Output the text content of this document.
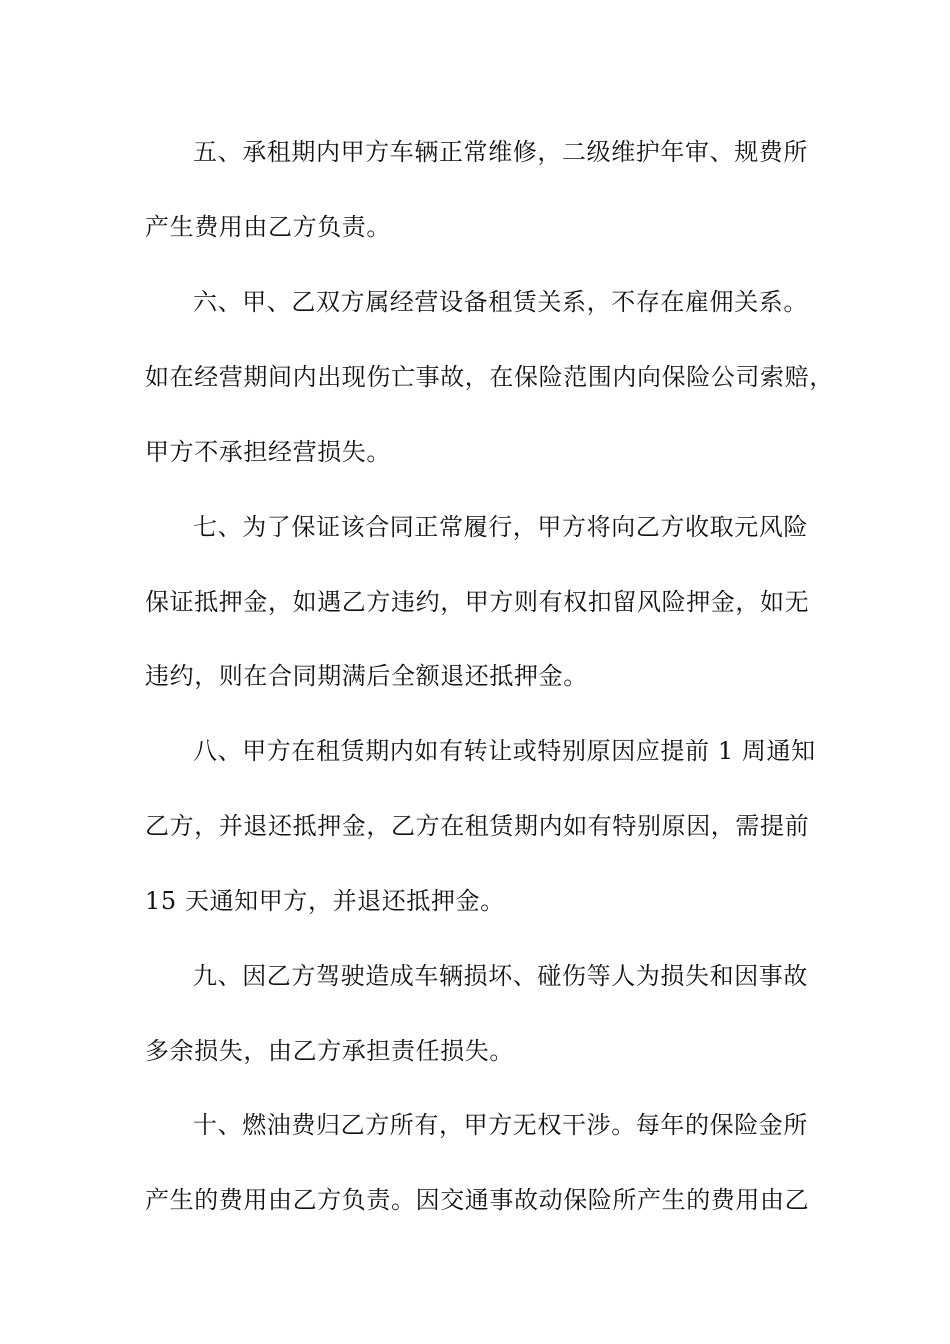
五、承租期内甲方车辆正常维修，二级维护年审、规费所
产生费用由乙方负责。
六、甲、乙双方属经营设备租赁关系，不存在雇佣关系。
如在经营期间内出现伤亡事故，在保险范围内向保险公司索赔，
甲方不承担经营损失。
七、为了保证该合同正常履行，甲方将向乙方收取元风险
保证抵押金，如遇乙方违约，甲方则有权扣留风险押金，如无
违约，则在合同期满后全额退还抵押金。
八、甲方在租赁期内如有转让或特别原因应提前 1 周通知
乙方，并退还抵押金，乙方在租赁期内如有特别原因，需提前
15 天通知甲方，并退还抵押金。
九、因乙方驾驶造成车辆损坏、碰伤等人为损失和因事故
多余损失，由乙方承担责任损失。
十、燃油费归乙方所有，甲方无权干涉。每年的保险金所
产生的费用由乙方负责。因交通事故动保险所产生的费用由乙
